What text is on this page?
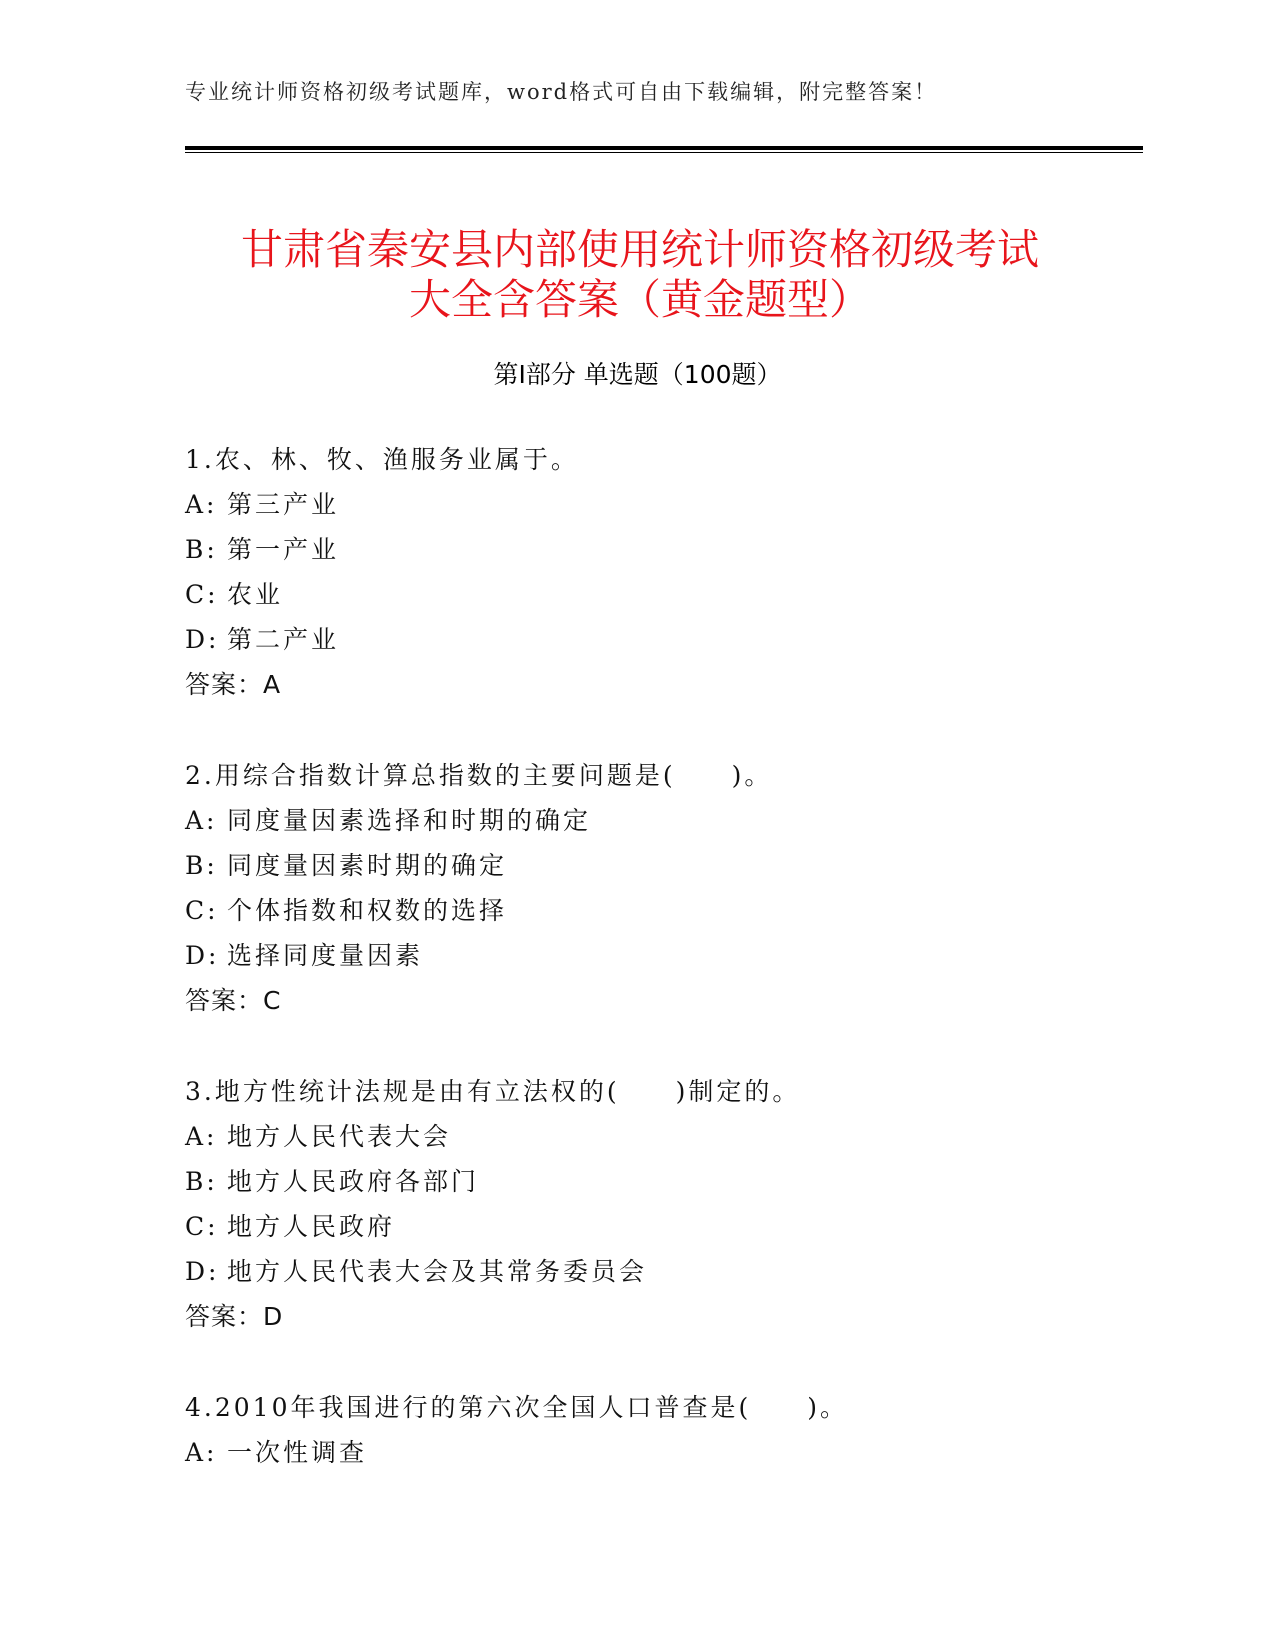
专业统计师资格初级考试题库，word格式可自由下载编辑，附完整答案！
甘肃省秦安县内部使用统计师资格初级考试
大全含答案（黄金题型）
第Ⅰ部分 单选题（100题）
1.农、林、牧、渔服务业属于。
A: 第三产业
B: 第一产业
C: 农业
D: 第二产业
答案：A
2.用综合指数计算总指数的主要问题是(　　)。
A: 同度量因素选择和时期的确定
B: 同度量因素时期的确定
C: 个体指数和权数的选择
D: 选择同度量因素
答案：C
3.地方性统计法规是由有立法权的(　　)制定的。
A: 地方人民代表大会
B: 地方人民政府各部门
C: 地方人民政府
D: 地方人民代表大会及其常务委员会
答案：D
4.2010年我国进行的第六次全国人口普查是(　　)。
A: 一次性调查
